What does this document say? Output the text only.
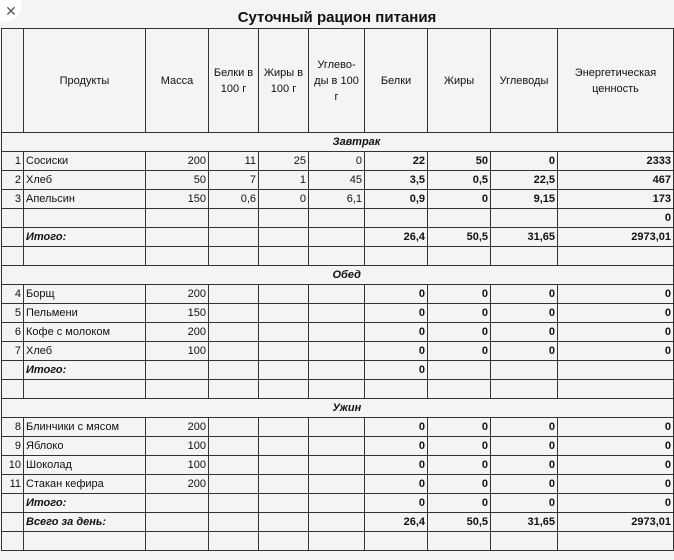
✕	Суточный рацион питания
	Продукты	Масса	Белки в 100 г	Жиры в 100 г	Углево-ды в 100 г	Белки	Жиры	Углеводы	Энергетическая ценность
	Завтрак
1	Сосиски	200	11	25	0	22	50	0	2333
2	Хлеб	50	7	1	45	3,5	0,5	22,5	467
3	Апельсин	150	0,6	0	6,1	0,9	0	9,15	173
									0
	Итого:					26,4	50,5	31,65	2973,01

	Обед
4	Борщ	200				0	0	0	0
5	Пельмени	150				0	0	0	0
6	Кофе с молоком	200				0	0	0	0
7	Хлеб	100				0	0	0	0
	Итого:					0			

	Ужин
8	Блинчики с мясом	200				0	0	0	0
9	Яблоко	100				0	0	0	0
10	Шоколад	100				0	0	0	0
11	Стакан кефира	200				0	0	0	0
	Итого:					0	0	0	0
	Всего за день:					26,4	50,5	31,65	2973,01
